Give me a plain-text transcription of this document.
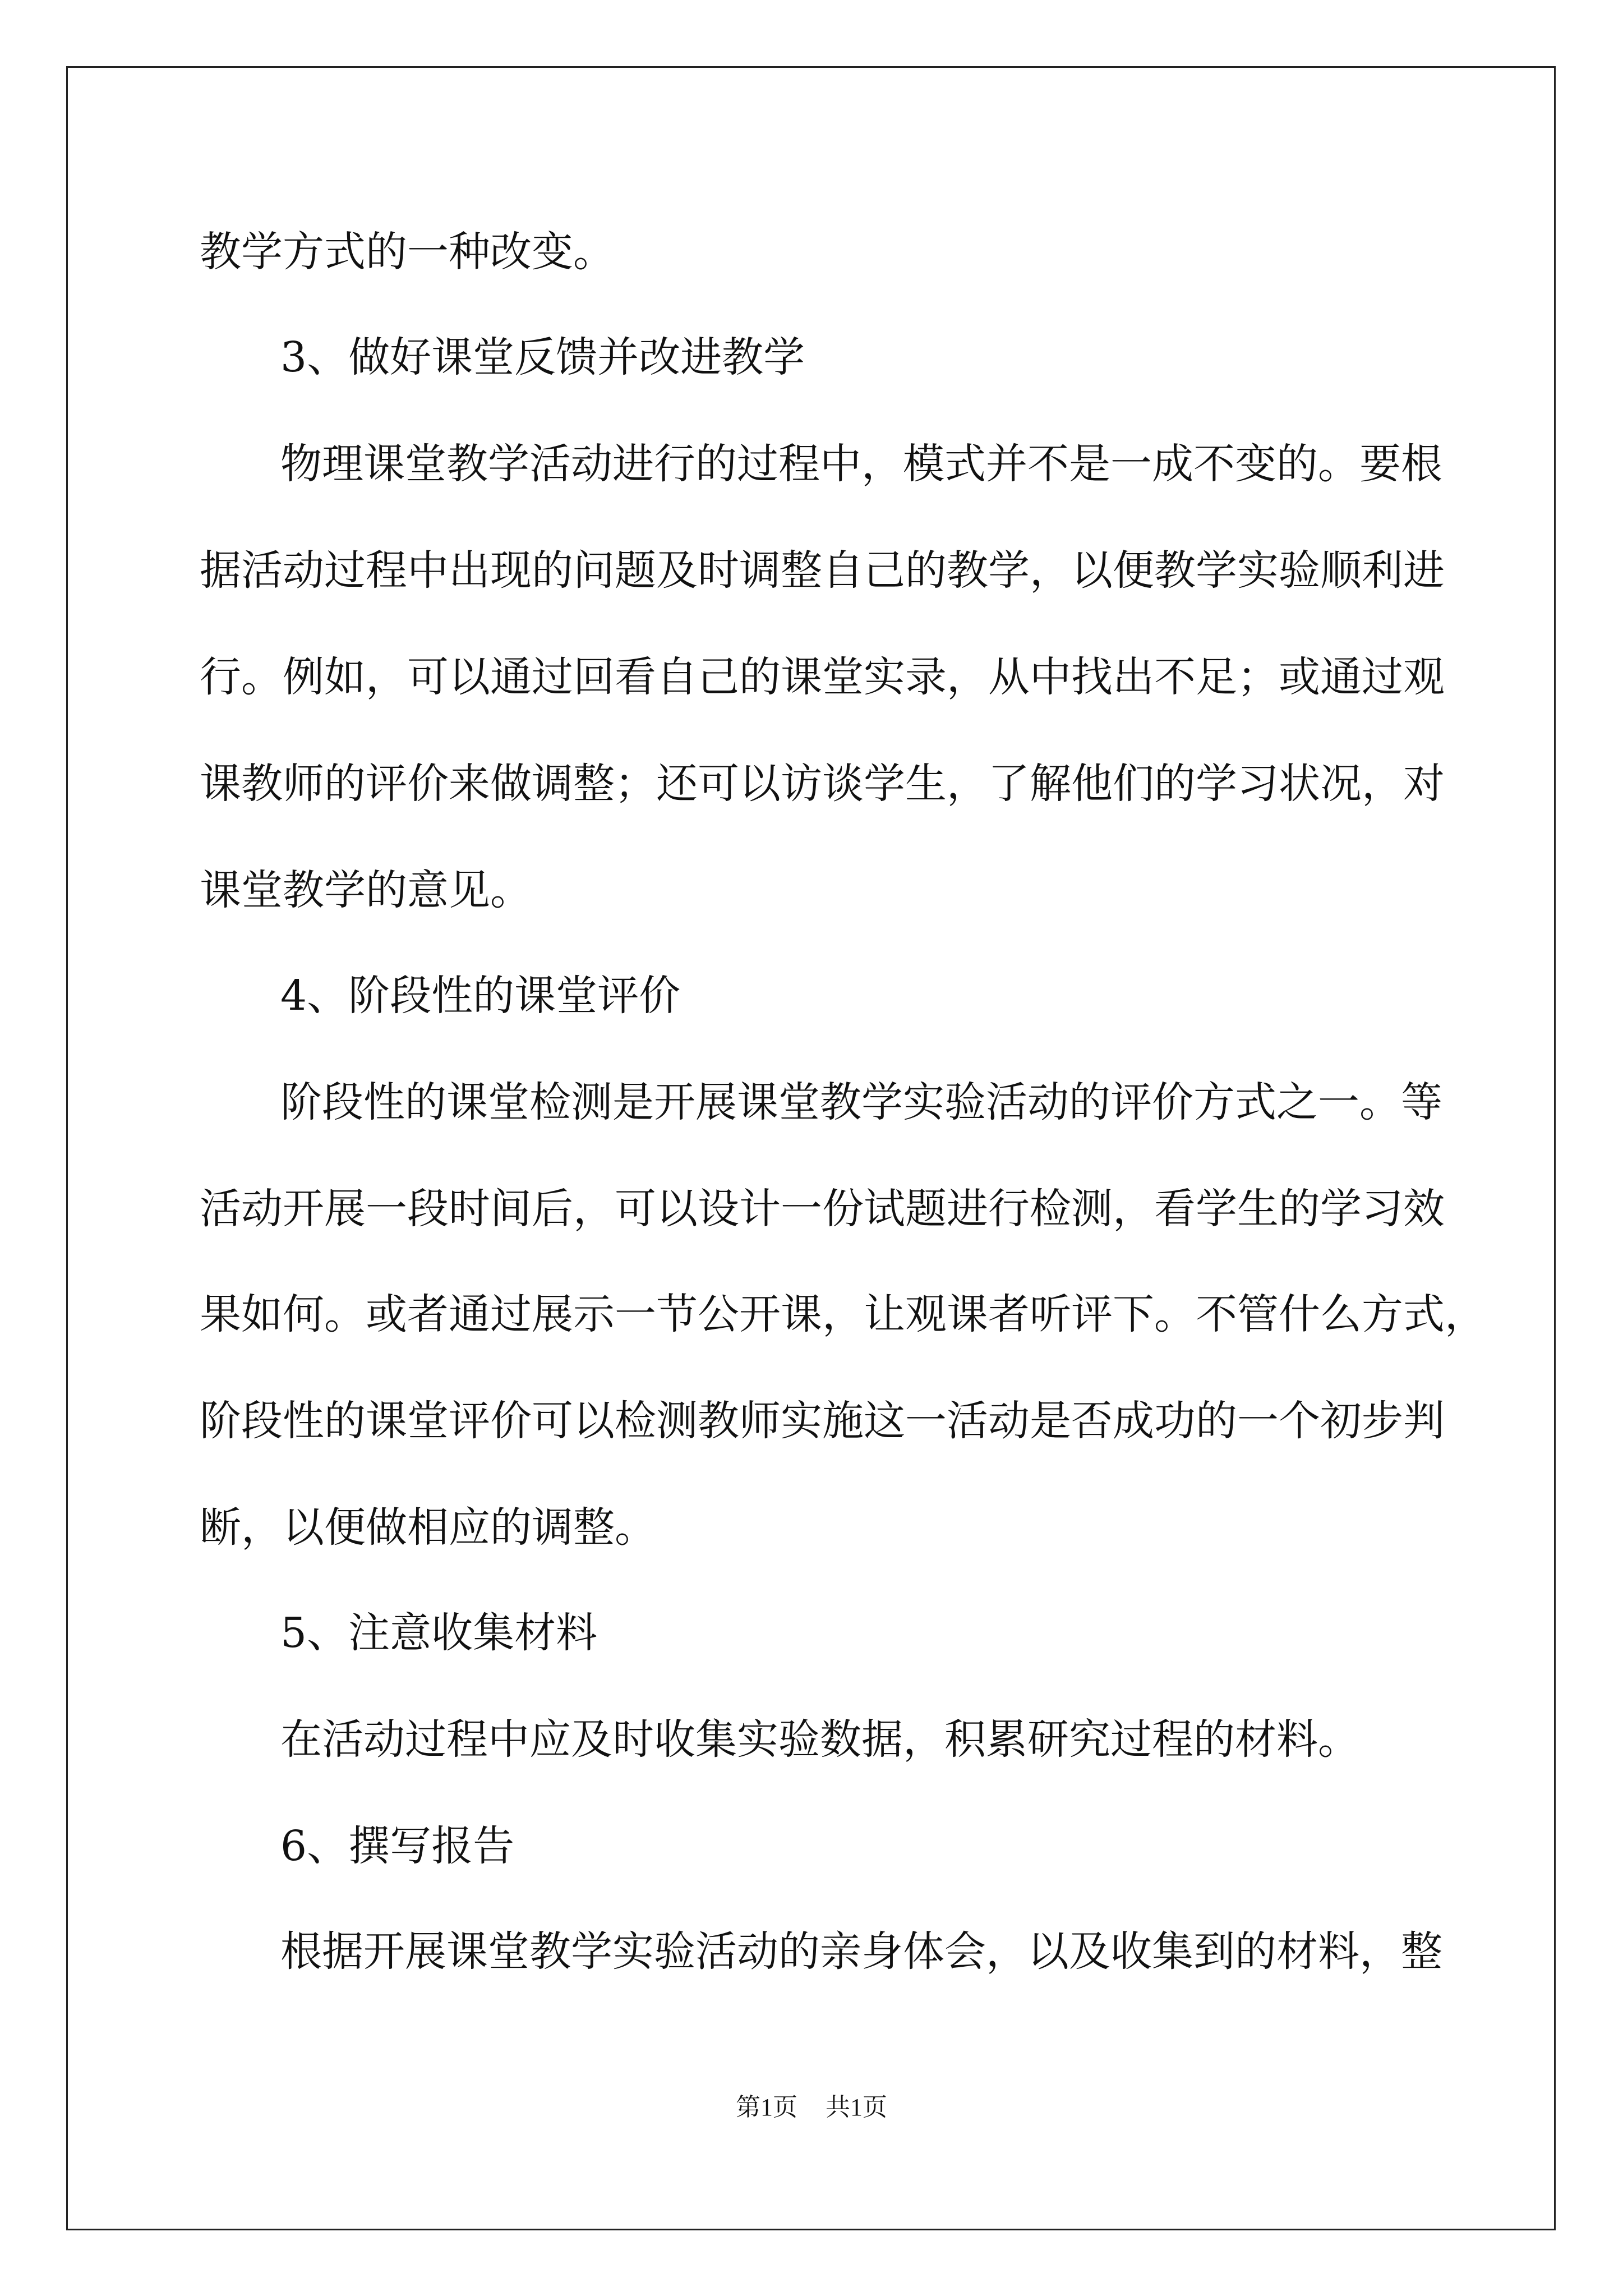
教学方式的一种改变。
3、做好课堂反馈并改进教学
物理课堂教学活动进行的过程中，模式并不是一成不变的。要根
据活动过程中出现的问题及时调整自己的教学，以便教学实验顺利进
行。例如，可以通过回看自己的课堂实录，从中找出不足；或通过观
课教师的评价来做调整；还可以访谈学生，了解他们的学习状况，对
课堂教学的意见。
4、阶段性的课堂评价
阶段性的课堂检测是开展课堂教学实验活动的评价方式之一。等
活动开展一段时间后，可以设计一份试题进行检测，看学生的学习效
果如何。或者通过展示一节公开课，让观课者听评下。不管什么方式，
阶段性的课堂评价可以检测教师实施这一活动是否成功的一个初步判
断，以便做相应的调整。
5、注意收集材料
在活动过程中应及时收集实验数据，积累研究过程的材料。
6、撰写报告
根据开展课堂教学实验活动的亲身体会，以及收集到的材料，整
第1页 共1页
